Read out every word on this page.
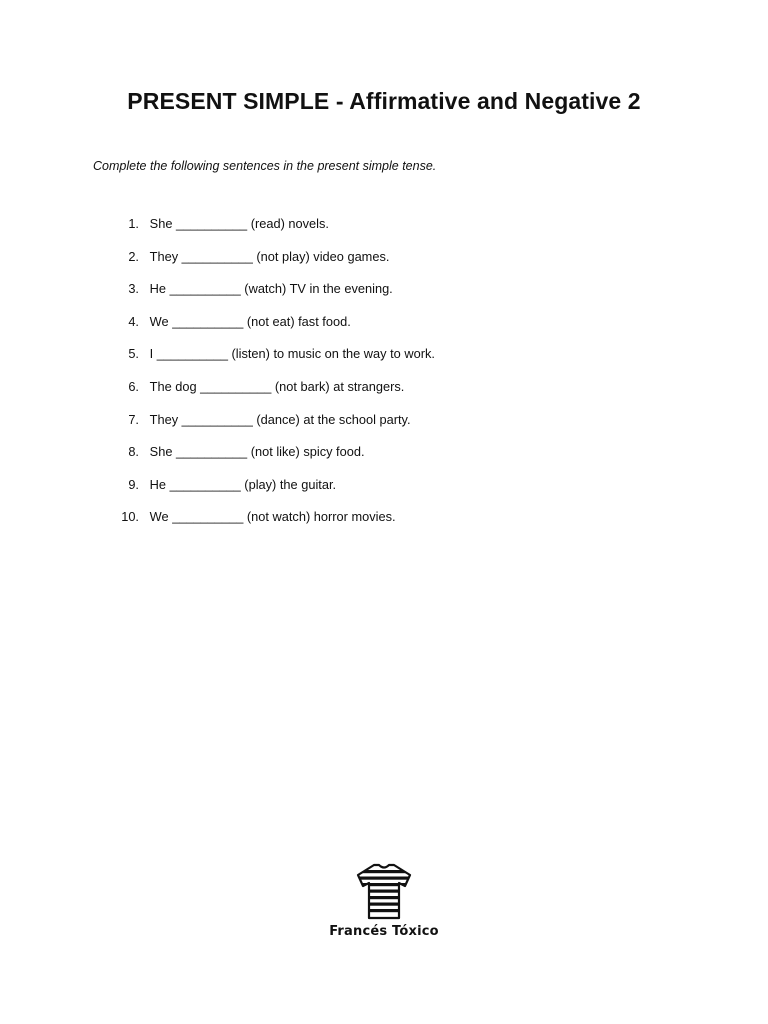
PRESENT SIMPLE - Affirmative and Negative 2
Complete the following sentences in the present simple tense.
1.
She __________ (read) novels.
2.
They __________ (not play) video games.
3.
He __________ (watch) TV in the evening.
4.
We __________ (not eat) fast food.
5.
I __________ (listen) to music on the way to work.
6.
The dog __________ (not bark) at strangers.
7.
They __________ (dance) at the school party.
8.
She __________ (not like) spicy food.
9.
He __________ (play) the guitar.
10.
We __________ (not watch) horror movies.
Francés Tóxico
